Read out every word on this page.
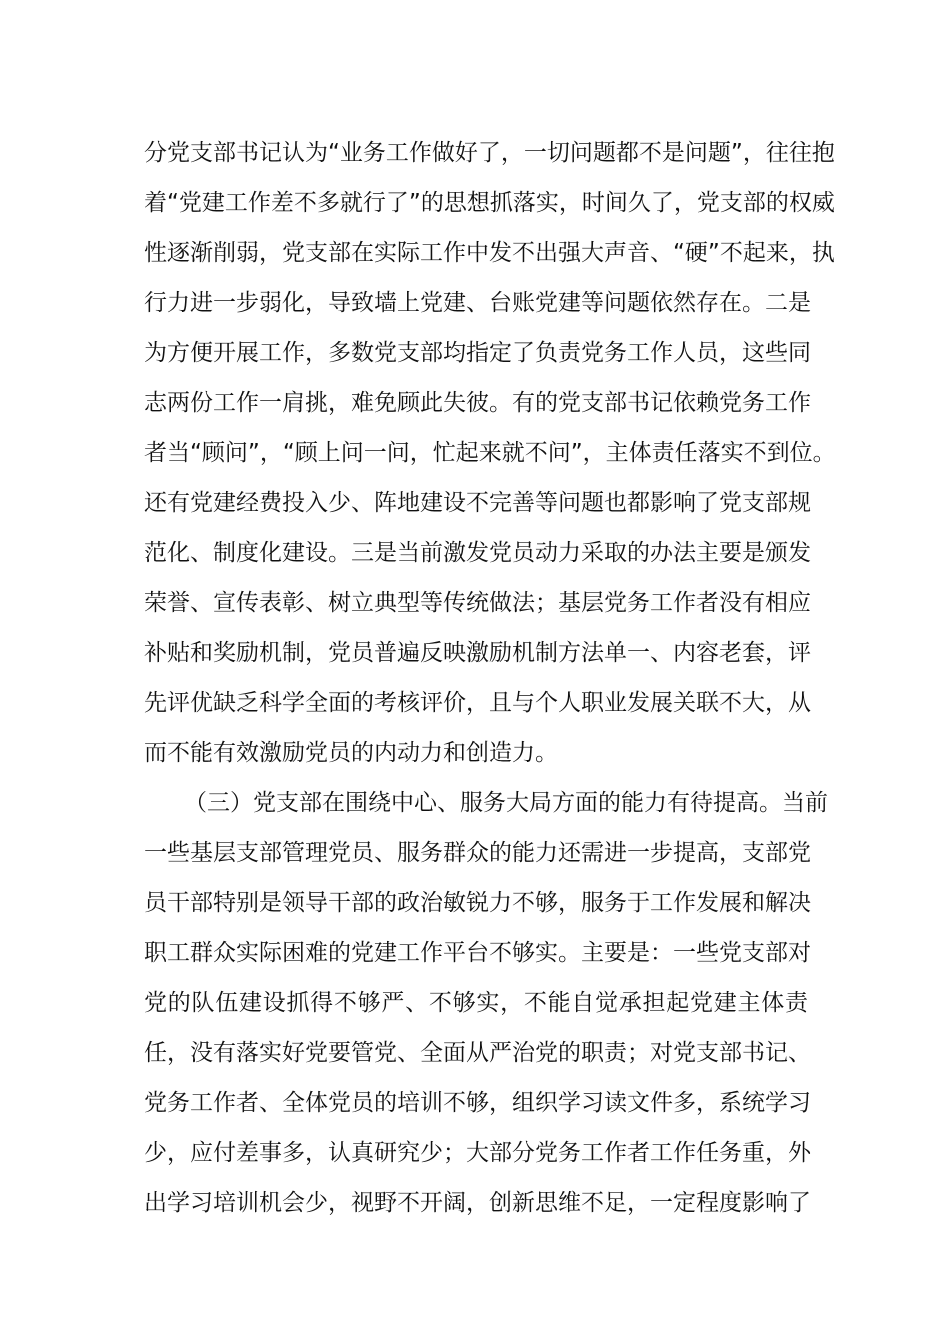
分党支部书记认为“业务工作做好了，一切问题都不是问题”，往往抱
着“党建工作差不多就行了”的思想抓落实，时间久了，党支部的权威
性逐渐削弱，党支部在实际工作中发不出强大声音、“硬”不起来，执
行力进一步弱化，导致墙上党建、台账党建等问题依然存在。二是
为方便开展工作，多数党支部均指定了负责党务工作人员，这些同
志两份工作一肩挑，难免顾此失彼。有的党支部书记依赖党务工作
者当“顾问”，“顾上问一问，忙起来就不问”，主体责任落实不到位。
还有党建经费投入少、阵地建设不完善等问题也都影响了党支部规
范化、制度化建设。三是当前激发党员动力采取的办法主要是颁发
荣誉、宣传表彰、树立典型等传统做法；基层党务工作者没有相应
补贴和奖励机制，党员普遍反映激励机制方法单一、内容老套，评
先评优缺乏科学全面的考核评价，且与个人职业发展关联不大，从
而不能有效激励党员的内动力和创造力。
（三）党支部在围绕中心、服务大局方面的能力有待提高。当前
一些基层支部管理党员、服务群众的能力还需进一步提高，支部党
员干部特别是领导干部的政治敏锐力不够，服务于工作发展和解决
职工群众实际困难的党建工作平台不够实。主要是：一些党支部对
党的队伍建设抓得不够严、不够实，不能自觉承担起党建主体责
任，没有落实好党要管党、全面从严治党的职责；对党支部书记、
党务工作者、全体党员的培训不够，组织学习读文件多，系统学习
少，应付差事多，认真研究少；大部分党务工作者工作任务重，外
出学习培训机会少，视野不开阔，创新思维不足，一定程度影响了
